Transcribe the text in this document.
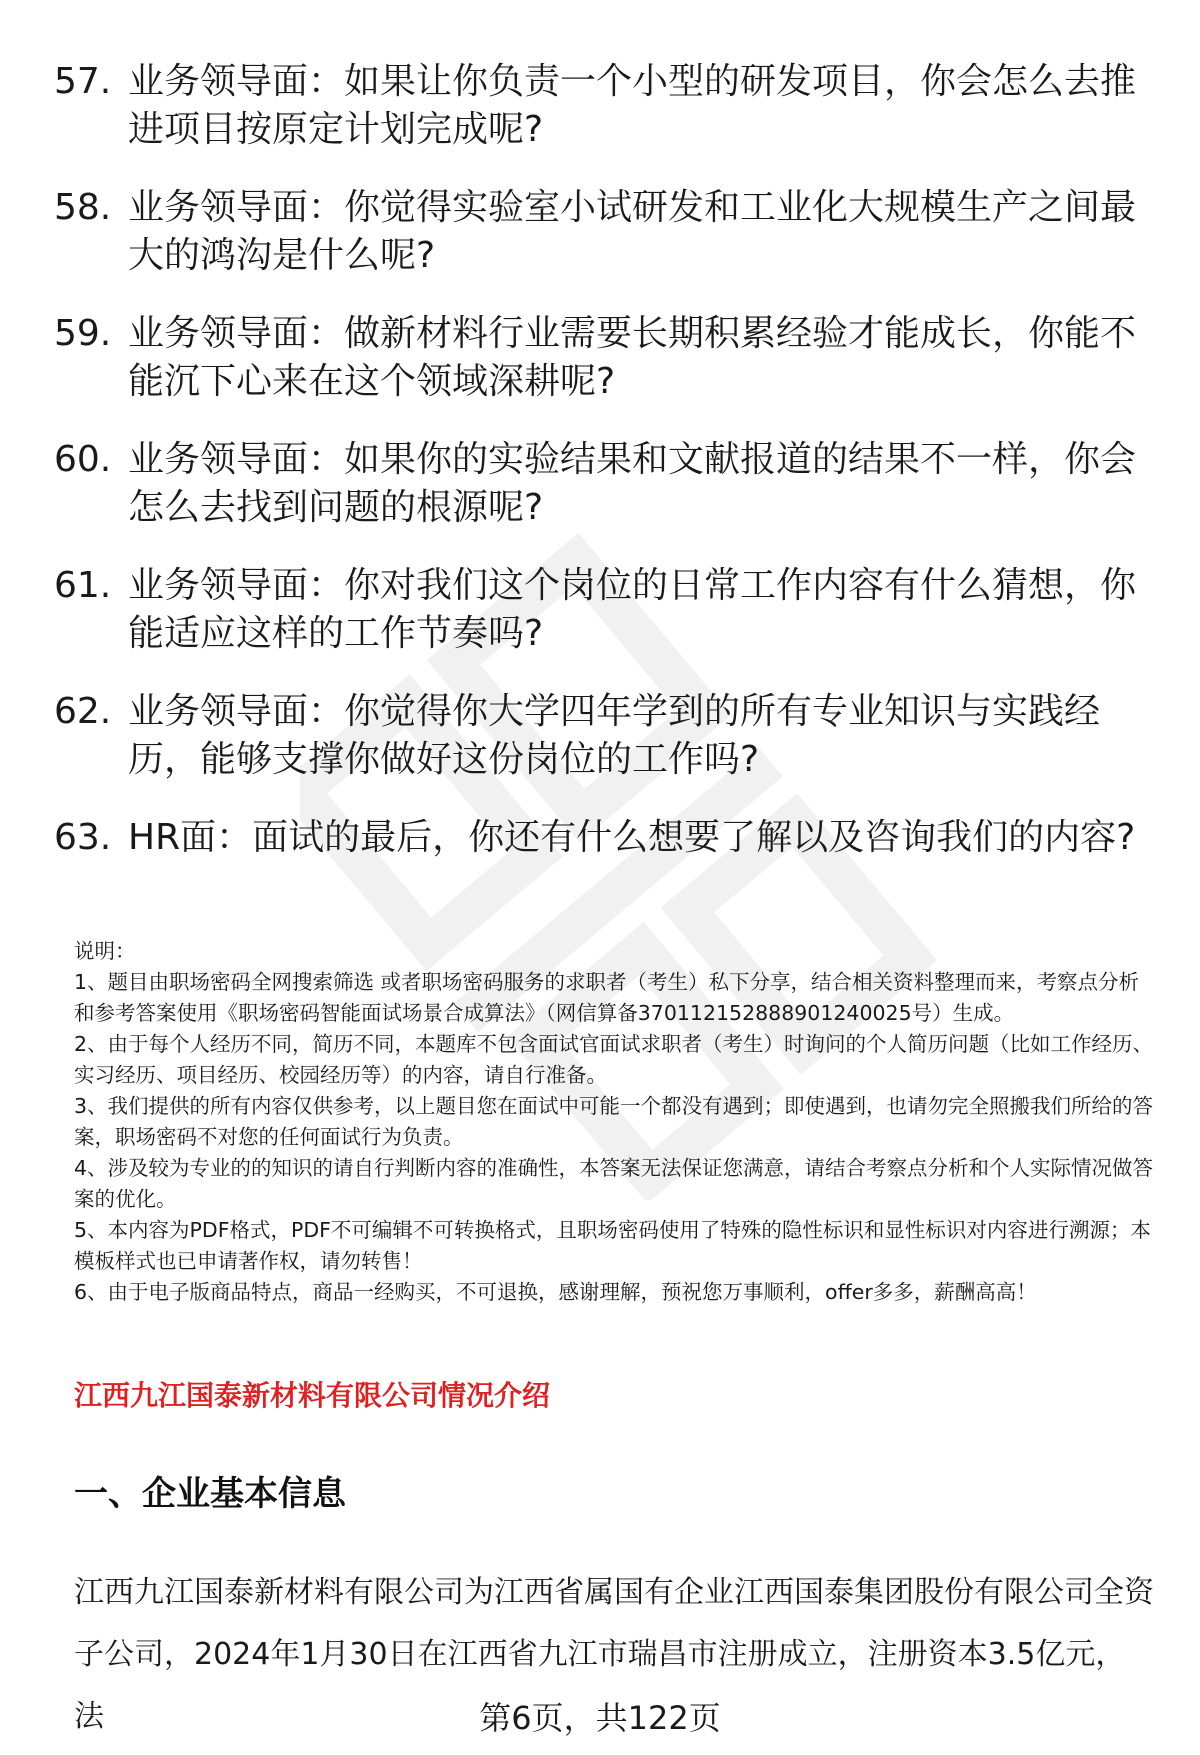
57. 业务领导面：如果让你负责一个小型的研发项目，你会怎么去推进项目按原定计划完成呢?
58. 业务领导面：你觉得实验室小试研发和工业化大规模生产之间最大的鸿沟是什么呢?
59. 业务领导面：做新材料行业需要长期积累经验才能成长，你能不能沉下心来在这个领域深耕呢?
60. 业务领导面：如果你的实验结果和文献报道的结果不一样，你会怎么去找到问题的根源呢?
61. 业务领导面：你对我们这个岗位的日常工作内容有什么猜想，你能适应这样的工作节奏吗?
62. 业务领导面：你觉得你大学四年学到的所有专业知识与实践经历，能够支撑你做好这份岗位的工作吗?
63. HR面：面试的最后，你还有什么想要了解以及咨询我们的内容?

说明：

1、题目由职场密码全网搜索筛选 或者职场密码服务的求职者（考生）私下分享，结合相关资料整理而来，考察点分析和参考答案使用《职场密码智能面试场景合成算法》（网信算备370112152888901240025号）生成。

2、由于每个人经历不同，简历不同，本题库不包含面试官面试求职者（考生）时询问的个人简历问题（比如工作经历、实习经历、项目经历、校园经历等）的内容，请自行准备。

3、我们提供的所有内容仅供参考，以上题目您在面试中可能一个都没有遇到；即使遇到，也请勿完全照搬我们所给的答案，职场密码不对您的任何面试行为负责。

4、涉及较为专业的的知识的请自行判断内容的准确性，本答案无法保证您满意，请结合考察点分析和个人实际情况做答案的优化。

5、本内容为PDF格式，PDF不可编辑不可转换格式，且职场密码使用了特殊的隐性标识和显性标识对内容进行溯源；本模板样式也已申请著作权，请勿转售！

6、由于电子版商品特点，商品一经购买，不可退换，感谢理解，预祝您万事顺利，offer多多，薪酬高高！

江西九江国泰新材料有限公司情况介绍
一、企业基本信息
江西九江国泰新材料有限公司为江西省属国有企业江西国泰集团股份有限公司全资子公司，2024年1月30日在江西省九江市瑞昌市注册成立，注册资本3.5亿元，法	第6页，共122页
